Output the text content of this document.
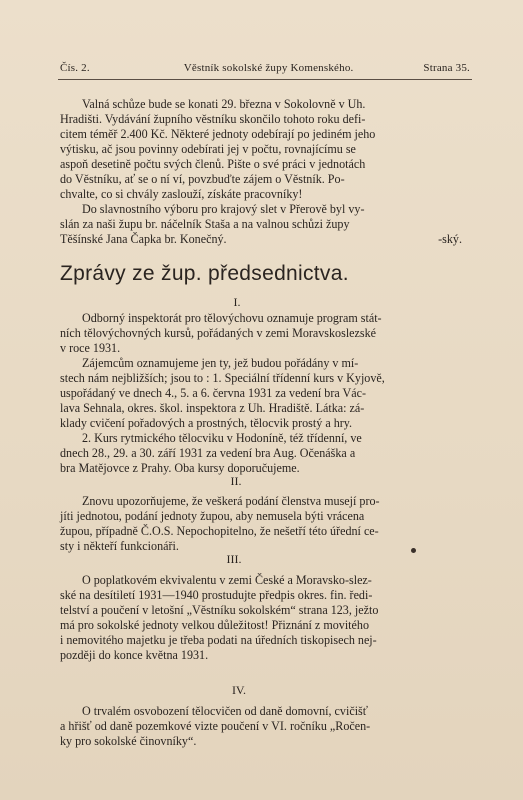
Čís. 2.	Věstník sokolské župy Komenského.	Strana 35.
Valná schůze bude se konati 29. března v Sokolovně v Uh.
Hradišti. Vydávání župního věstníku skončilo tohoto roku defi-
citem téměř 2.400 Kč. Některé jednoty odebírají po jediném jeho
výtisku, ač jsou povinny odebírati jej v počtu, rovnajícímu se
aspoň desetině počtu svých členů. Pište o své práci v jednotách
do Věstníku, ať se o ní ví, povzbuďte zájem o Věstník. Po-
chvalte, co si chvály zaslouží, získáte pracovníky!
Do slavnostního výboru pro krajový slet v Přerově byl vy-
slán za naši župu br. náčelník Staša a na valnou schůzi župy
Těšínské Jana Čapka br. Konečný.	-ský.
Zprávy ze žup. předsednictva.
I.
Odborný inspektorát pro tělovýchovu oznamuje program stát-
ních tělovýchovných kursů, pořádaných v zemi Moravskoslezské
v roce 1931.
Zájemcům oznamujeme jen ty, jež budou pořádány v mí-
stech nám nejbližších; jsou to : 1. Speciální třídenní kurs v Kyjově,
uspořádaný ve dnech 4., 5. a 6. června 1931 za vedení bra Vác-
lava Sehnala, okres. škol. inspektora z Uh. Hradiště. Látka: zá-
klady cvičení pořadových a prostných, tělocvik prostý a hry.
2. Kurs rytmického tělocviku v Hodoníně, též třídenní, ve
dnech 28., 29. a 30. září 1931 za vedení bra Aug. Očenáška a
bra Matějovce z Prahy. Oba kursy doporučujeme.
II.
Znovu upozorňujeme, že veškerá podání členstva musejí pro-
jíti jednotou, podání jednoty župou, aby nemusela býti vrácena
župou, případně Č.O.S. Nepochopitelno, že nešetří této úřední ce-
sty i někteří funkcionáři.
III.
O poplatkovém ekvivalentu v zemi České a Moravsko-slez-
ské na desítiletí 1931—1940 prostudujte předpis okres. fin. ředi-
telství a poučení v letošní „Věstníku sokolském“ strana 123, ježto
má pro sokolské jednoty velkou důležitost! Přiznání z movitého
i nemovitého majetku je třeba podati na úředních tiskopisech nej-
později do konce května 1931.
IV.
O trvalém osvobození tělocvičen od daně domovní, cvičišť
a hřišť od daně pozemkové vizte poučení v VI. ročníku „Ročen-
ky pro sokolské činovníky“.
